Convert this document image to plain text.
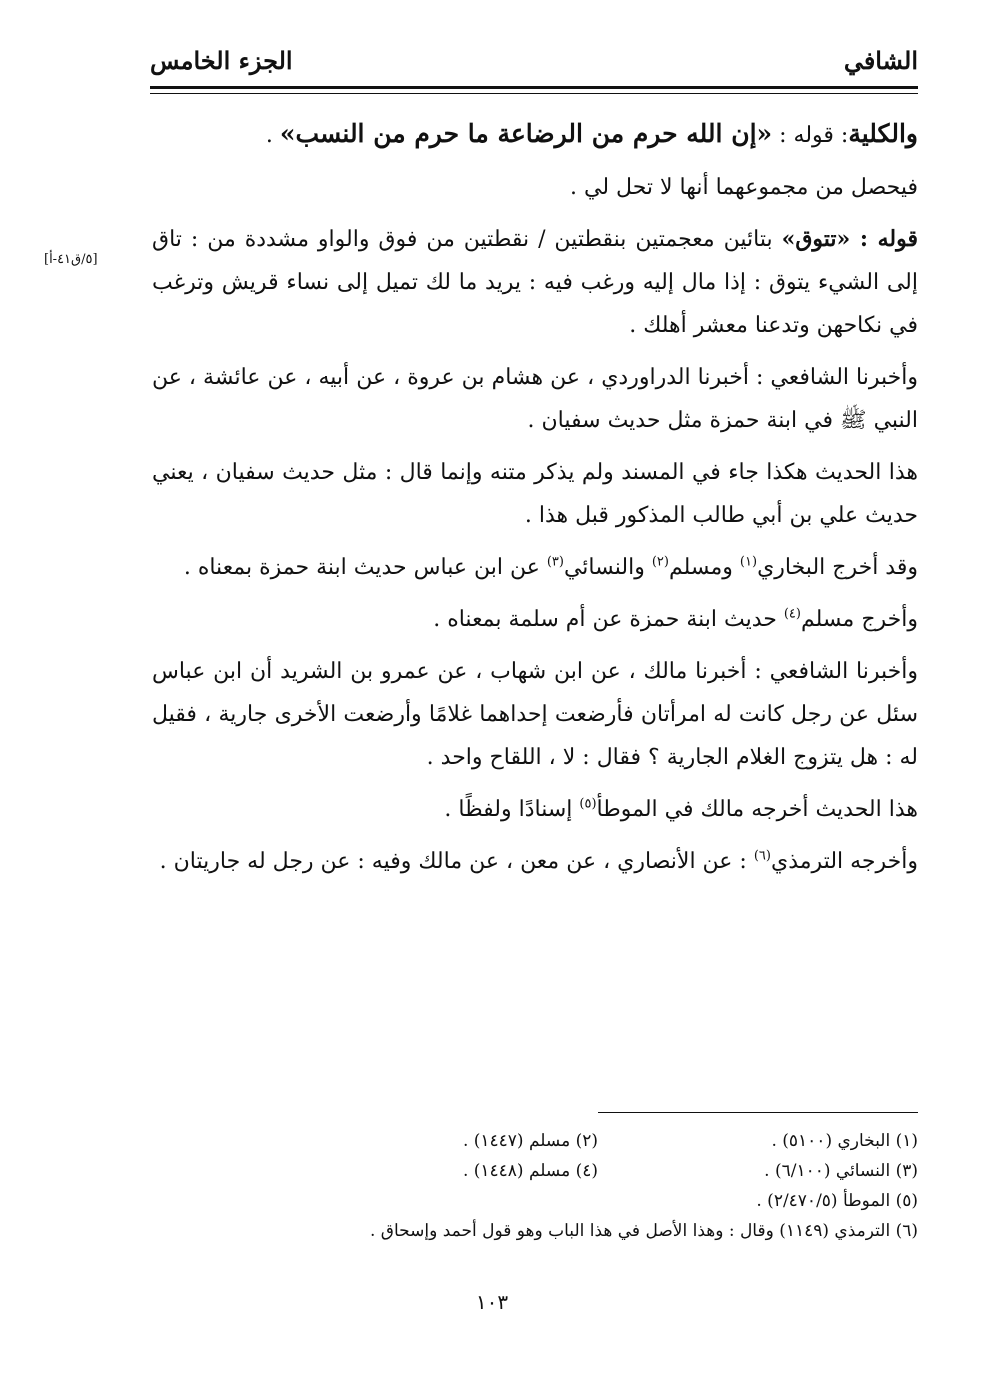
الشافي
الجزء الخامس
[٥/ق٤١-أ]

والكلية: قوله : «إن الله حرم من الرضاعة ما حرم من النسب» .

فيحصل من مجموعهما أنها لا تحل لي .

قوله : «تتوق» بتائين معجمتين بنقطتين / نقطتين من فوق والواو مشددة من : تاق إلى الشيء يتوق : إذا مال إليه ورغب فيه : يريد ما لك تميل إلى نساء قريش وترغب في نكاحهن وتدعنا معشر أهلك .

وأخبرنا الشافعي : أخبرنا الدراوردي ، عن هشام بن عروة ، عن أبيه ، عن عائشة ، عن النبي ﷺ في ابنة حمزة مثل حديث سفيان .

هذا الحديث هكذا جاء في المسند ولم يذكر متنه وإنما قال : مثل حديث سفيان ، يعني حديث علي بن أبي طالب المذكور قبل هذا .

وقد أخرج البخاري$^{(١)}$ ومسلم$^{(٢)}$ والنسائي$^{(٣)}$ عن ابن عباس حديث ابنة حمزة بمعناه .

وأخرج مسلم$^{(٤)}$ حديث ابنة حمزة عن أم سلمة بمعناه .

وأخبرنا الشافعي : أخبرنا مالك ، عن ابن شهاب ، عن عمرو بن الشريد أن ابن عباس سئل عن رجل كانت له امرأتان فأرضعت إحداهما غلامًا وأرضعت الأخرى جارية ، فقيل له : هل يتزوج الغلام الجارية ؟ فقال : لا ، اللقاح واحد .

هذا الحديث أخرجه مالك في الموطأ$^{(٥)}$ إسنادًا ولفظًا .

وأخرجه الترمذي$^{(٦)}$ : عن الأنصاري ، عن معن ، عن مالك وفيه : عن رجل له جاريتان .

(١) البخاري (٥١٠٠) .
(٢) مسلم (١٤٤٧) .
(٣) النسائي (٦/١٠٠) .
(٤) مسلم (١٤٤٨) .
(٥) الموطأ (٢/٤٧٠/٥) .
(٦) الترمذي (١١٤٩) وقال : وهذا الأصل في هذا الباب وهو قول أحمد وإسحاق .
١٠٣
